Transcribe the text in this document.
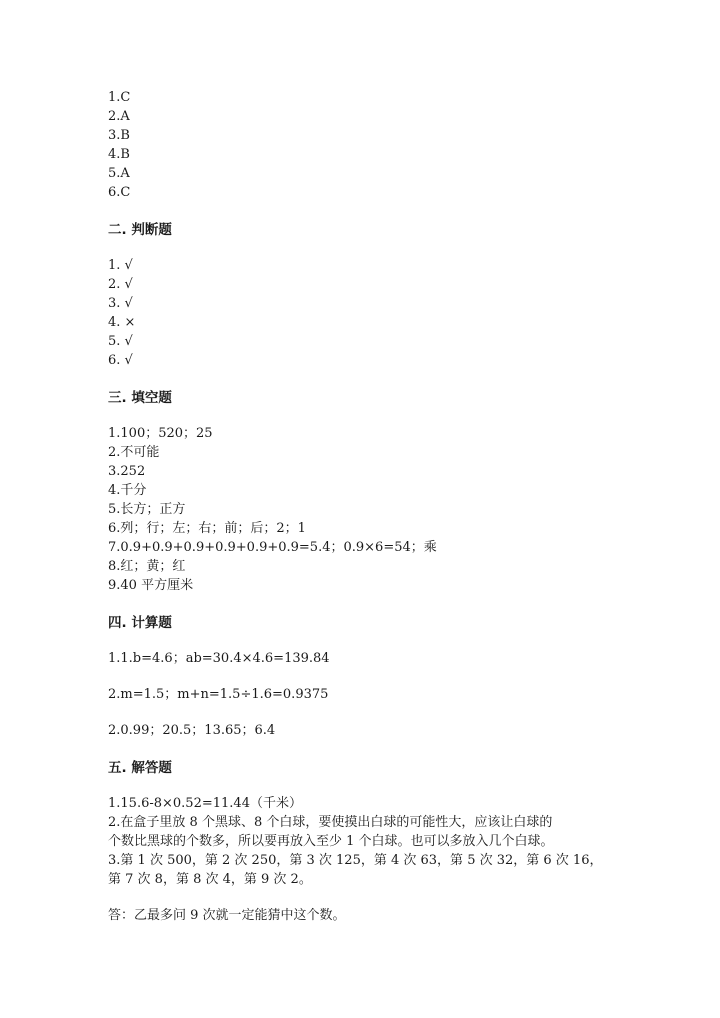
1.C
2.A
3.B
4.B
5.A
6.C
二. 判断题
1. √
2. √
3. √
4. ×
5. √
6. √
三. 填空题
1.100；520；25
2.不可能
3.252
4.千分
5.长方；正方
6.列；行；左；右；前；后；2；1
7.0.9+0.9+0.9+0.9+0.9+0.9=5.4；0.9×6=54；乘
8.红；黄；红
9.40 平方厘米
四. 计算题
1.1.b=4.6；ab=30.4×4.6=139.84
2.m=1.5；m+n=1.5÷1.6=0.9375
2.0.99；20.5；13.65；6.4
五. 解答题
1.15.6-8×0.52=11.44（千米）
2.在盒子里放 8 个黑球、8 个白球，要使摸出白球的可能性大，应该让白球的
个数比黑球的个数多，所以要再放入至少 1 个白球。也可以多放入几个白球。
3.第 1 次 500，第 2 次 250，第 3 次 125，第 4 次 63，第 5 次 32，第 6 次 16，
第 7 次 8，第 8 次 4，第 9 次 2。
答：乙最多问 9 次就一定能猜中这个数。
